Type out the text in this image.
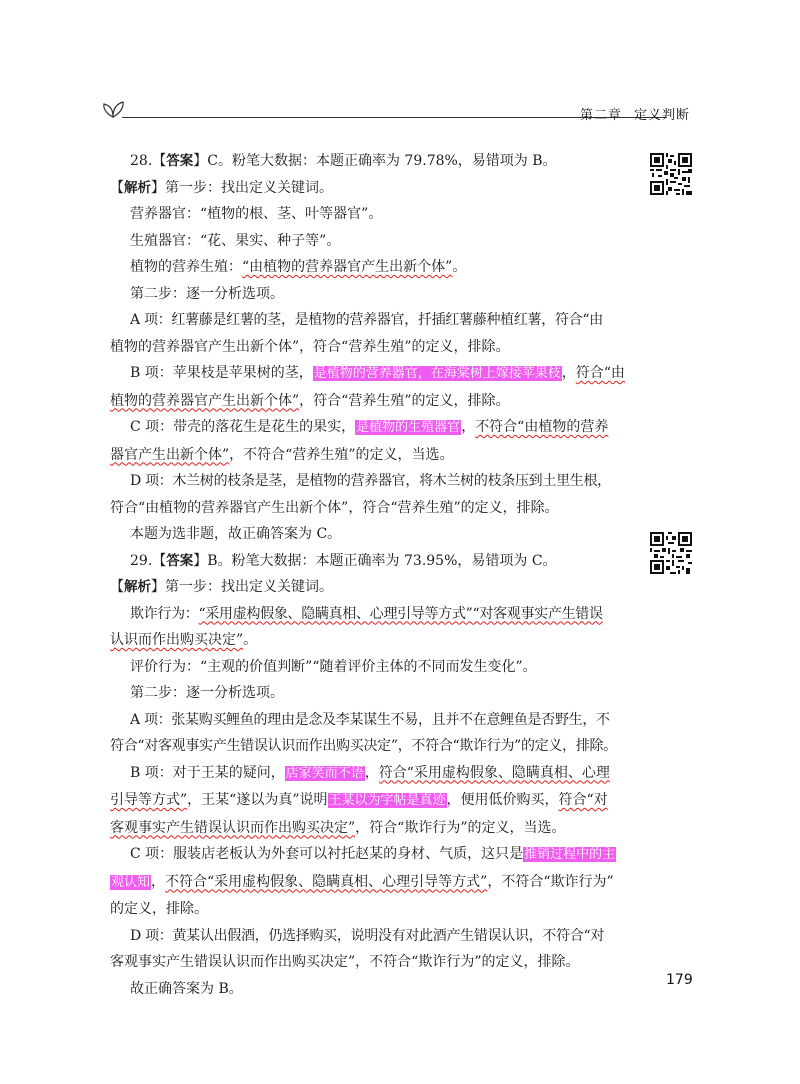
第二章 定义判断

28.【答案】C。粉笔大数据：本题正确率为 79.78%，易错项为 B。

【解析】第一步：找出定义关键词。

营养器官：“植物的根、茎、叶等器官”。

生殖器官：“花、果实、种子等”。

植物的营养生殖：“由植物的营养器官产生出新个体”。

第二步：逐一分析选项。

A 项：红薯藤是红薯的茎，是植物的营养器官，扦插红薯藤种植红薯，符合“由

植物的营养器官产生出新个体”，符合“营养生殖”的定义，排除。

B 项：苹果枝是苹果树的茎，是植物的营养器官，在海棠树上嫁接苹果枝，符合“由

植物的营养器官产生出新个体”，符合“营养生殖”的定义，排除。

C 项：带壳的落花生是花生的果实，是植物的生殖器官，不符合“由植物的营养

器官产生出新个体”，不符合“营养生殖”的定义，当选。

D 项：木兰树的枝条是茎，是植物的营养器官，将木兰树的枝条压到土里生根，

符合“由植物的营养器官产生出新个体”，符合“营养生殖”的定义，排除。

本题为选非题，故正确答案为 C。

29.【答案】B。粉笔大数据：本题正确率为 73.95%，易错项为 C。

【解析】第一步：找出定义关键词。

欺诈行为：“采用虚构假象、隐瞒真相、心理引导等方式”“对客观事实产生错误

认识而作出购买决定”。

评价行为：“主观的价值判断”“随着评价主体的不同而发生变化”。

第二步：逐一分析选项。

A 项：张某购买鲤鱼的理由是念及李某谋生不易，且并不在意鲤鱼是否野生，不

符合“对客观事实产生错误认识而作出购买决定”，不符合“欺诈行为”的定义，排除。

B 项：对于王某的疑问，店家笑而不语，符合“采用虚构假象、隐瞒真相、心理

引导等方式”，王某“遂以为真”说明王某以为字帖是真迹，便用低价购买，符合“对

客观事实产生错误认识而作出购买决定”，符合“欺诈行为”的定义，当选。

C 项：服装店老板认为外套可以衬托赵某的身材、气质，这只是推销过程中的主

观认知，不符合“采用虚构假象、隐瞒真相、心理引导等方式”，不符合“欺诈行为”

的定义，排除。

D 项：黄某认出假酒，仍选择购买，说明没有对此酒产生错误认识，不符合“对

客观事实产生错误认识而作出购买决定”，不符合“欺诈行为”的定义，排除。

故正确答案为 B。

179
